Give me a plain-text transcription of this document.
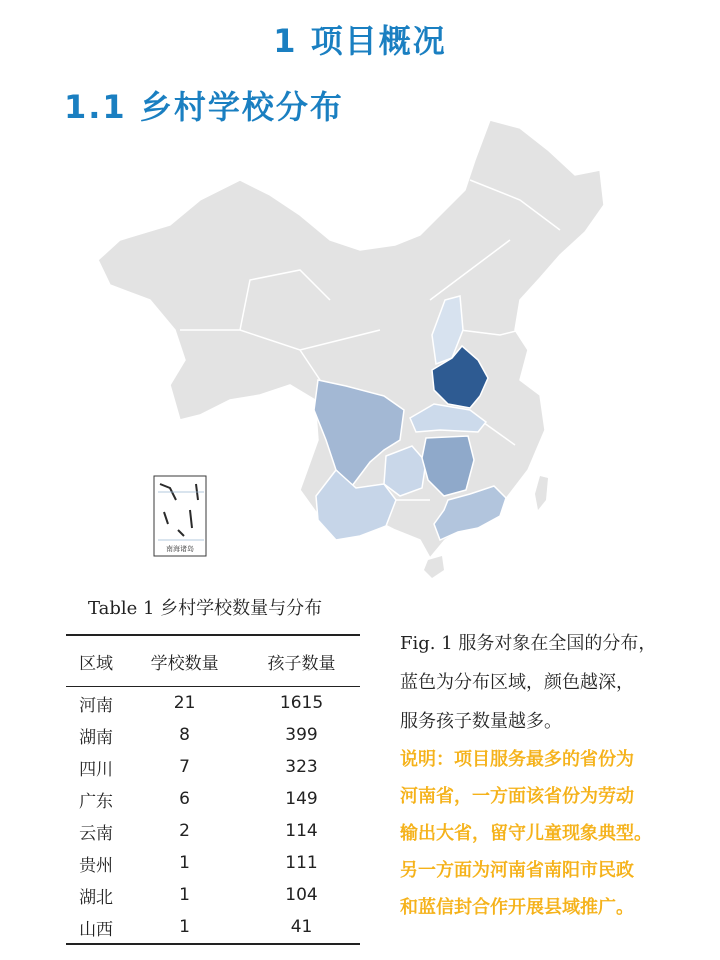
1 项目概况
1.1 乡村学校分布
南海诸岛
Table 1 乡村学校数量与分布
区域	学校数量	孩子数量
河南	21	1615
湖南	8	399
四川	7	323
广东	6	149
云南	2	114
贵州	1	111
湖北	1	104
山西	1	41
Fig. 1 服务对象在全国的分布，
蓝色为分布区域，颜色越深，
服务孩子数量越多。
说明：项目服务最多的省份为
河南省，一方面该省份为劳动
输出大省，留守儿童现象典型。
另一方面为河南省南阳市民政
和蓝信封合作开展县域推广。
